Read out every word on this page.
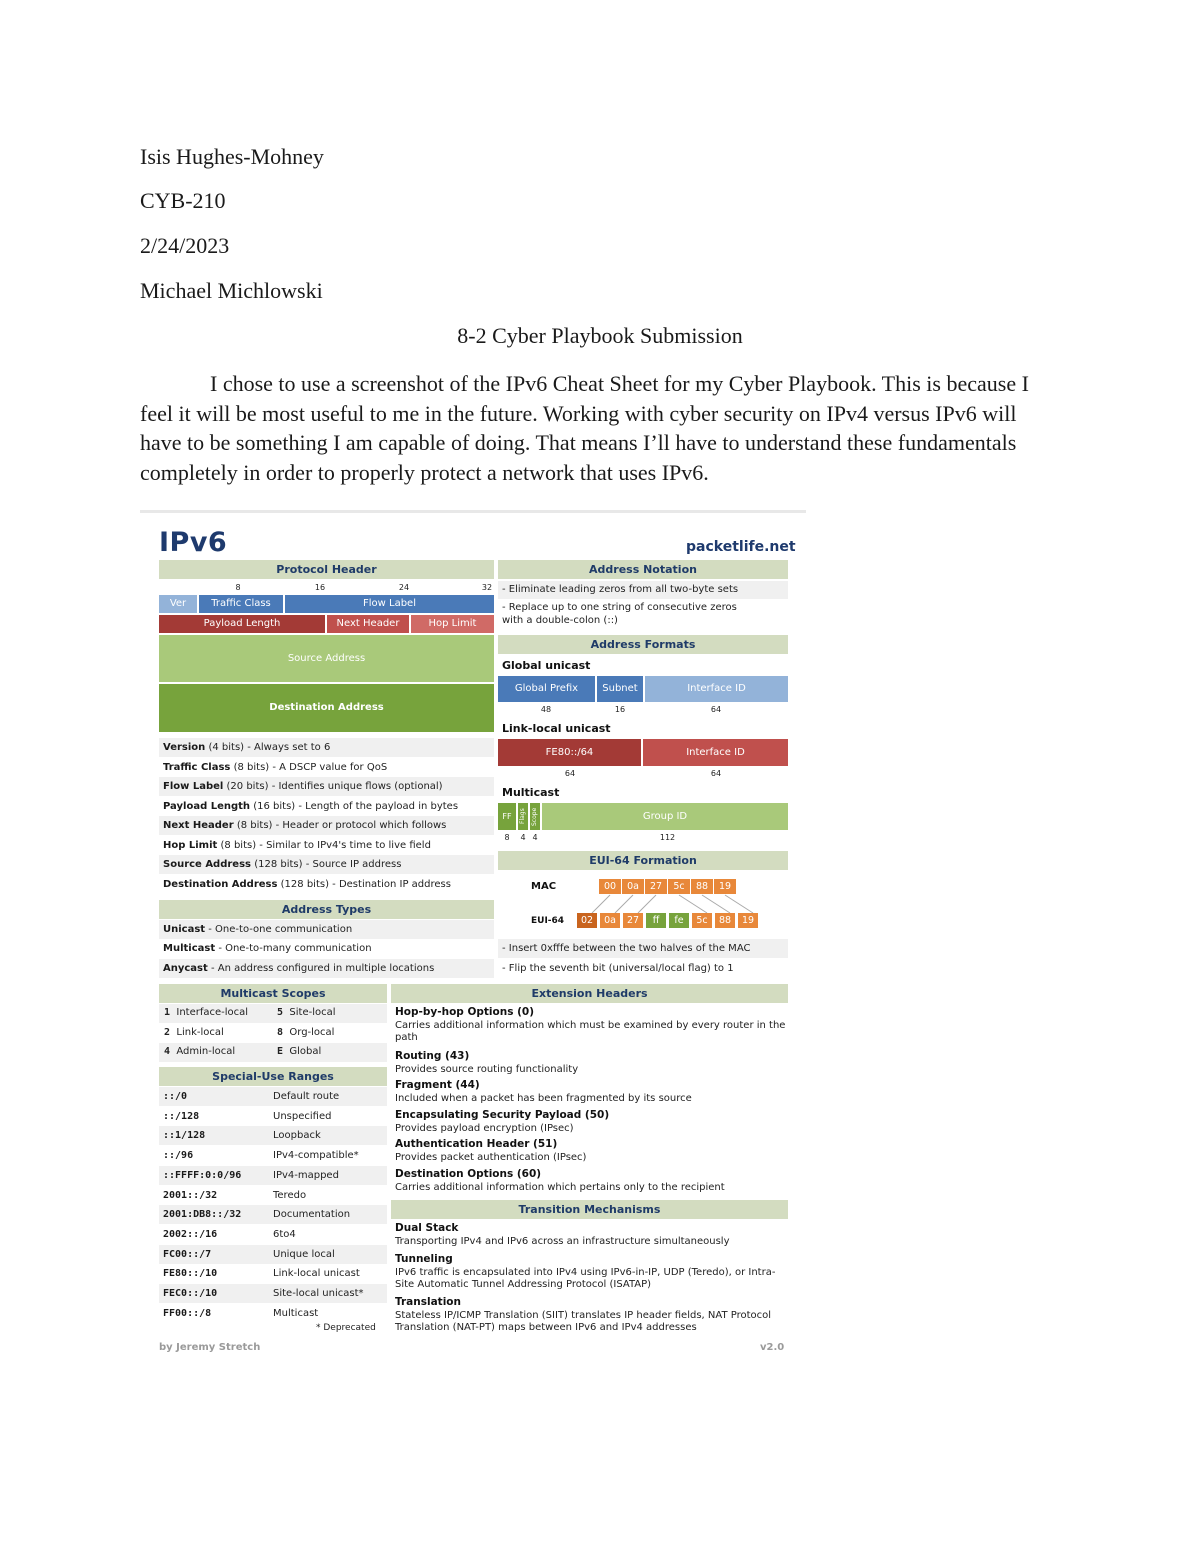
Isis Hughes-Mohney
CYB-210
2/24/2023
Michael Michlowski
8-2 Cyber Playbook Submission
I chose to use a screenshot of the IPv6 Cheat Sheet for my Cyber Playbook. This is because I feel it will be most useful to me in the future. Working with cyber security on IPv4 versus IPv6 will have to be something I am capable of doing. That means I’ll have to understand these fundamentals completely in order to properly protect a network that uses IPv6.
IPv6	packetlife.net
Protocol Header
8	16	24	32
Ver	Traffic Class	Flow Label
Payload Length	Next Header	Hop Limit
Source Address
Destination Address
Version (4 bits) - Always set to 6
Traffic Class (8 bits) - A DSCP value for QoS
Flow Label (20 bits) - Identifies unique flows (optional)
Payload Length (16 bits) - Length of the payload in bytes
Next Header (8 bits) - Header or protocol which follows
Hop Limit (8 bits) - Similar to IPv4's time to live field
Source Address (128 bits) - Source IP address
Destination Address (128 bits) - Destination IP address
Address Types
Unicast - One-to-one communication
Multicast - One-to-many communication
Anycast - An address configured in multiple locations
Address Notation
- Eliminate leading zeros from all two-byte sets
- Replace up to one string of consecutive zeros
with a double-colon (::)
Address Formats
Global unicast
Global Prefix	Subnet	Interface ID
48	16	64
Link-local unicast
FE80::/64	Interface ID
64	64
Multicast
FF	Flags Scope	Group ID
8	4 4	112
EUI-64 Formation
MAC	00	0a	27	5c	88	19
EUI-64	02	0a	27	ff	fe	5c	88	19
- Insert 0xfffe between the two halves of the MAC
- Flip the seventh bit (universal/local flag) to 1
Multicast Scopes
1 Interface-local	5 Site-local
2 Link-local	8 Org-local
4 Admin-local	E Global
Special-Use Ranges
::/0	Default route
::/128	Unspecified
::1/128	Loopback
::/96	IPv4-compatible*
::FFFF:0:0/96	IPv4-mapped
2001::/32	Teredo
2001:DB8::/32	Documentation
2002::/16	6to4
FC00::/7	Unique local
FE80::/10	Link-local unicast
FEC0::/10	Site-local unicast*
FF00::/8	Multicast
* Deprecated
Extension Headers
Hop-by-hop Options (0)
Carries additional information which must be examined by every router in the path
Routing (43)
Provides source routing functionality
Fragment (44)
Included when a packet has been fragmented by its source
Encapsulating Security Payload (50)
Provides payload encryption (IPsec)
Authentication Header (51)
Provides packet authentication (IPsec)
Destination Options (60)
Carries additional information which pertains only to the recipient
Transition Mechanisms
Dual Stack
Transporting IPv4 and IPv6 across an infrastructure simultaneously
Tunneling
IPv6 traffic is encapsulated into IPv4 using IPv6-in-IP, UDP (Teredo), or Intra-Site Automatic Tunnel Addressing Protocol (ISATAP)
Translation
Stateless IP/ICMP Translation (SIIT) translates IP header fields, NAT Protocol Translation (NAT-PT) maps between IPv6 and IPv4 addresses
by Jeremy Stretch	v2.0
